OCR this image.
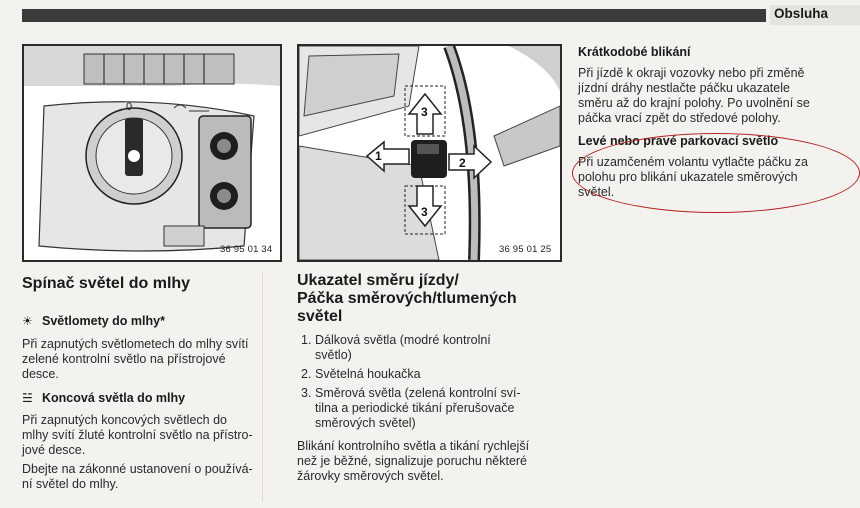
Obsluha
0
36 95 01 34
1	2
3
3
36 95 01 25
Spínač světel do mlhy
☀ Světlomety do mlhy*

Při zapnutých světlometech do mlhy svítí

zelené kontrolní světlo na přístrojové

desce.

☱ Koncová světla do mlhy

Při zapnutých koncových světlech do

mlhy svítí žluté kontrolní světlo na přístro-

jové desce.

Dbejte na zákonné ustanovení o používá-

ní světel do mlhy.

Ukazatel směru jízdy/
Páčka směrových/tlumených
světel
1. Dálková světla (modré kontrolní
světlo)
2. Světelná houkačka
3. Směrová světla (zelená kontrolní sví-
tilna a periodické tikání přerušovače
směrových světel)

Blikání kontrolního světla a tikání rychlejší

než je běžné, signalizuje poruchu některé

žárovky směrových světel.

Krátkodobé blikání

Při jízdě k okraji vozovky nebo při změně

jízdní dráhy nestlačte páčku ukazatele

směru až do krajní polohy. Po uvolnění se

páčka vrací zpět do středové polohy.

Levé nebo pravé parkovací světlo

Při uzamčeném volantu vytlačte páčku za

polohu pro blikání ukazatele směrových

světel.
